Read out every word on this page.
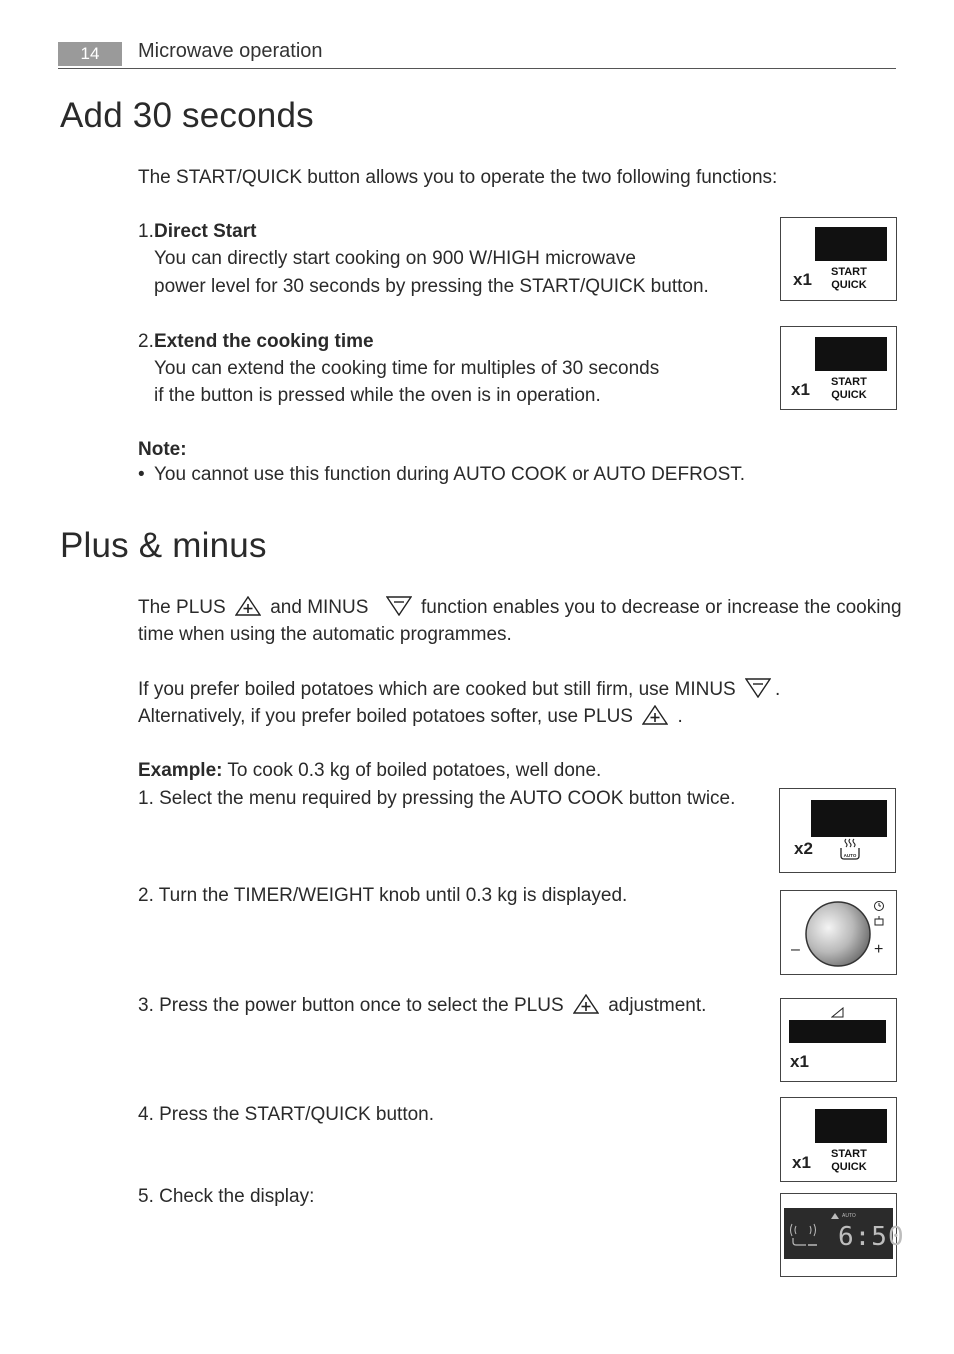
14	Microwave operation
Add 30 seconds
The START/QUICK button allows you to operate the two following functions:
1. Direct Start
You can directly start cooking on 900 W/HIGH microwave
power level for 30 seconds by pressing the START/QUICK button.
2. Extend the cooking time
You can extend the cooking time for multiples of 30 seconds
if the button is pressed while the oven is in operation.
Note:
• You cannot use this function during AUTO COOK or AUTO DEFROST.
x1 START
QUICK
x1 START
QUICK
Plus & minus
The PLUS and MINUS	function enables you to decrease or increase the cooking
time when using the automatic programmes.
If you prefer boiled potatoes which are cooked but still firm, use MINUS .
Alternatively, if you prefer boiled potatoes softer, use PLUS .
Example: To cook 0.3 kg of boiled potatoes, well done.
1. Select the menu required by pressing the AUTO COOK button twice.
2. Turn the TIMER/WEIGHT knob until 0.3 kg is displayed.
3. Press the power button once to select the PLUS adjustment.
4. Press the START/QUICK button.
5. Check the display:
x2	AUTO
–	+
x1
x1 START
QUICK
AUTO
6:50
